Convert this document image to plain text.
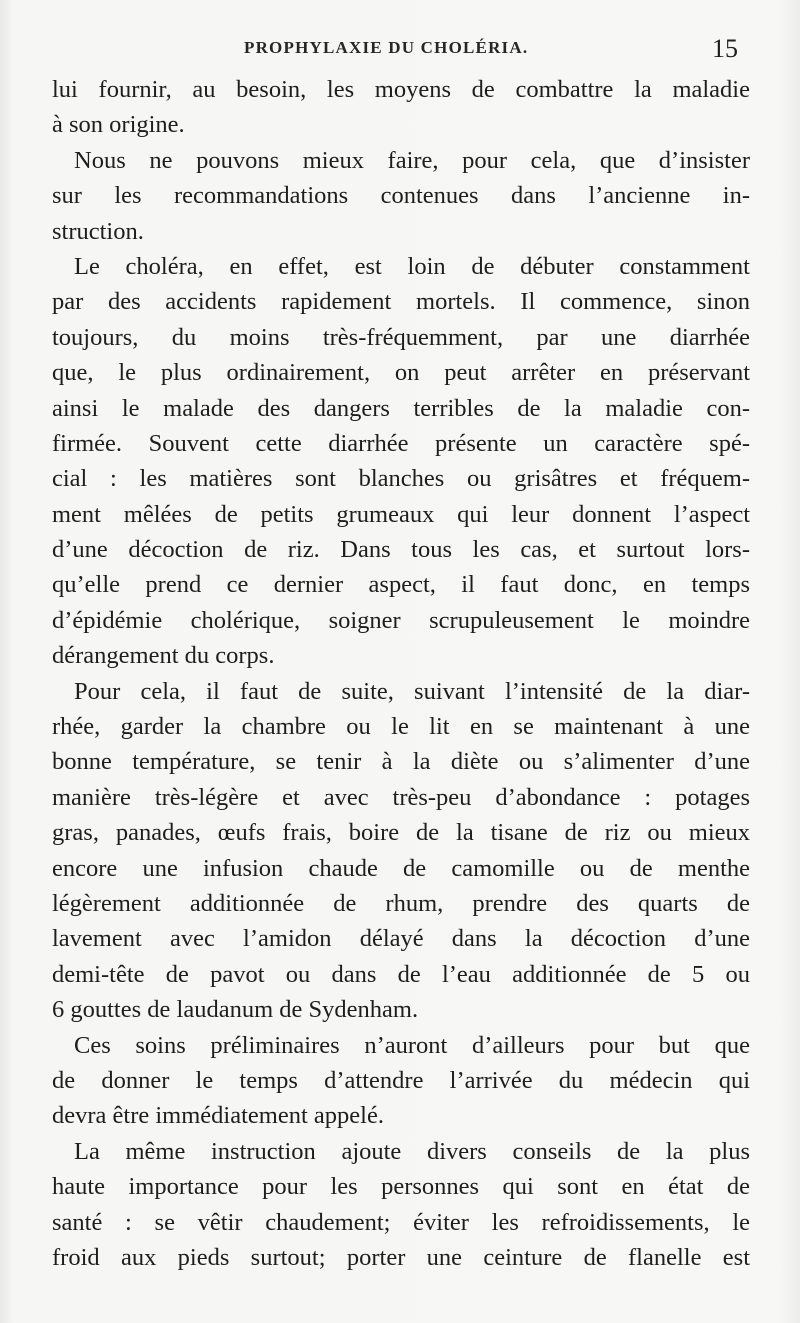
PROPHYLAXIE DU CHOLÉRIA.	15
lui fournir, au besoin, les moyens de combattre la maladie
à son origine.
Nous ne pouvons mieux faire, pour cela, que d’insister
sur les recommandations contenues dans l’ancienne in-
struction.
Le choléra, en effet, est loin de débuter constamment
par des accidents rapidement mortels. Il commence, sinon
toujours, du moins très-fréquemment, par une diarrhée
que, le plus ordinairement, on peut arrêter en préservant
ainsi le malade des dangers terribles de la maladie con-
firmée. Souvent cette diarrhée présente un caractère spé-
cial : les matières sont blanches ou grisâtres et fréquem-
ment mêlées de petits grumeaux qui leur donnent l’aspect
d’une décoction de riz. Dans tous les cas, et surtout lors-
qu’elle prend ce dernier aspect, il faut donc, en temps
d’épidémie cholérique, soigner scrupuleusement le moindre
dérangement du corps.
Pour cela, il faut de suite, suivant l’intensité de la diar-
rhée, garder la chambre ou le lit en se maintenant à une
bonne température, se tenir à la diète ou s’alimenter d’une
manière très-légère et avec très-peu d’abondance : potages
gras, panades, œufs frais, boire de la tisane de riz ou mieux
encore une infusion chaude de camomille ou de menthe
légèrement additionnée de rhum, prendre des quarts de
lavement avec l’amidon délayé dans la décoction d’une
demi-tête de pavot ou dans de l’eau additionnée de 5 ou
6 gouttes de laudanum de Sydenham.
Ces soins préliminaires n’auront d’ailleurs pour but que
de donner le temps d’attendre l’arrivée du médecin qui
devra être immédiatement appelé.
La même instruction ajoute divers conseils de la plus
haute importance pour les personnes qui sont en état de
santé : se vêtir chaudement; éviter les refroidissements, le
froid aux pieds surtout; porter une ceinture de flanelle est
